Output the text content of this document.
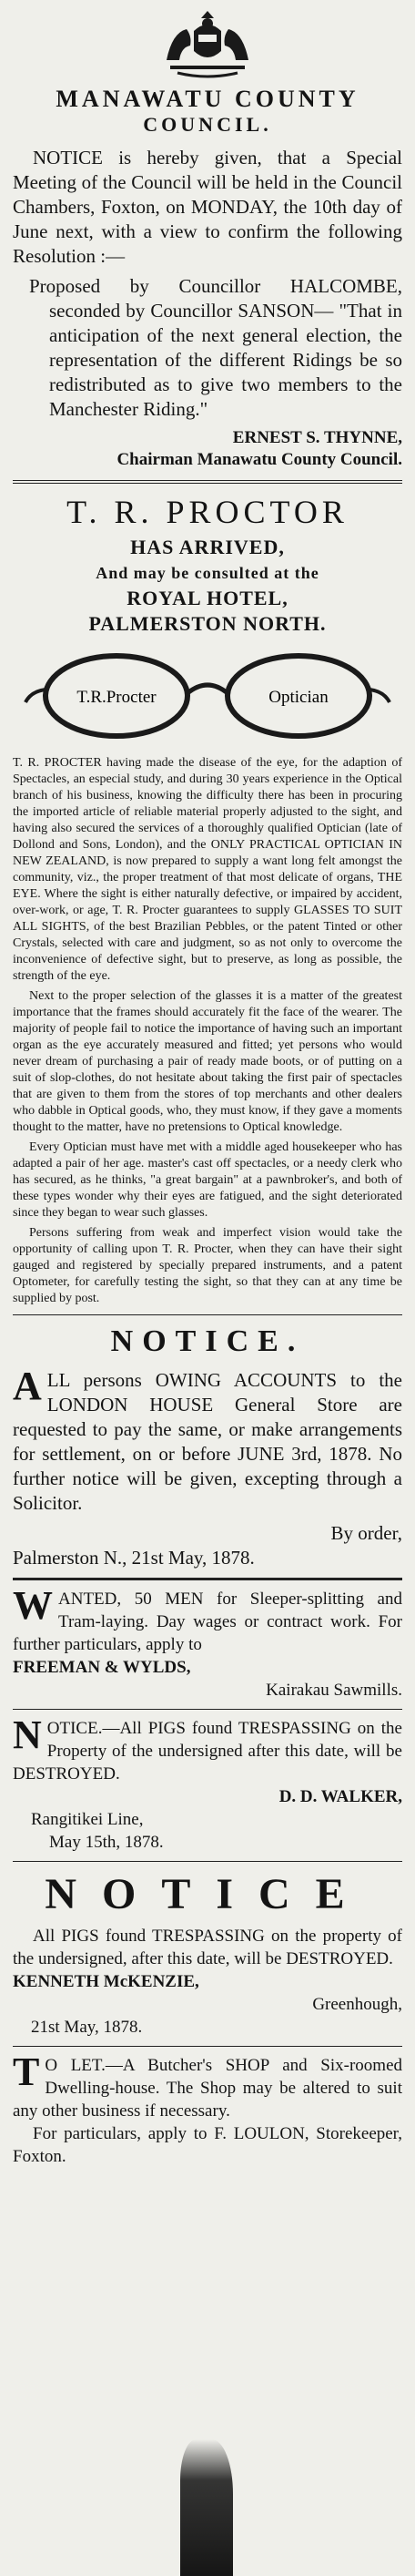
MANAWATU COUNTY
COUNCIL.

NOTICE is hereby given, that a Special Meeting of the Council will be held in the Council Chambers, Foxton, on MONDAY, the 10th day of June next, with a view to confirm the following Resolution :—

Proposed by Councillor HALCOMBE, seconded by Councillor SANSON— "That in anticipation of the next general election, the representation of the different Ridings be so redistributed as to give two members to the Manchester Riding."

ERNEST S. THYNNE,
Chairman Manawatu County Council.
T. R. PROCTOR
HAS ARRIVED,
And may be consulted at the
ROYAL HOTEL,
PALMERSTON NORTH.
T.R.Procter	Optician

T. R. PROCTER having made the disease of the eye, for the adaption of Spectacles, an especial study, and during 30 years experience in the Optical branch of his business, knowing the difficulty there has been in procuring the imported article of reliable material properly adjusted to the sight, and having also secured the services of a thoroughly qualified Optician (late of Dollond and Sons, London), and the ONLY PRACTICAL OPTICIAN IN NEW ZEALAND, is now prepared to supply a want long felt amongst the community, viz., the proper treatment of that most delicate of organs, THE EYE. Where the sight is either naturally defective, or impaired by accident, over-work, or age, T. R. Procter guarantees to supply GLASSES TO SUIT ALL SIGHTS, of the best Brazilian Pebbles, or the patent Tinted or other Crystals, selected with care and judgment, so as not only to overcome the inconvenience of defective sight, but to preserve, as long as possible, the strength of the eye.

Next to the proper selection of the glasses it is a matter of the greatest importance that the frames should accurately fit the face of the wearer. The majority of people fail to notice the importance of having such an important organ as the eye accurately measured and fitted; yet persons who would never dream of purchasing a pair of ready made boots, or of putting on a suit of slop-clothes, do not hesitate about taking the first pair of spectacles that are given to them from the stores of top merchants and other dealers who dabble in Optical goods, who, they must know, if they gave a moments thought to the matter, have no pretensions to Optical knowledge.

Every Optician must have met with a middle aged housekeeper who has adapted a pair of her age. master's cast off spectacles, or a needy clerk who has secured, as he thinks, "a great bargain" at a pawnbroker's, and both of these types wonder why their eyes are fatigued, and the sight deteriorated since they began to wear such glasses.

Persons suffering from weak and imperfect vision would take the opportunity of calling upon T. R. Procter, when they can have their sight gauged and registered by specially prepared instruments, and a patent Optometer, for carefully testing the sight, so that they can at any time be supplied by post.

NOTICE.

ALL persons OWING ACCOUNTS to the LONDON HOUSE General Store are requested to pay the same, or make arrangements for settlement, on or before JUNE 3rd, 1878. No further notice will be given, excepting through a Solicitor.

By order,
Palmerston N., 21st May, 1878.

WANTED, 50 MEN for Sleeper-splitting and Tram-laying. Day wages or contract work. For further particulars, apply to

FREEMAN & WYLDS,
Kairakau Sawmills.

NOTICE.—All PIGS found TRESPASSING on the Property of the undersigned after this date, will be DESTROYED.

D. D. WALKER,
Rangitikei Line,
May 15th, 1878.
NOTICE

All PIGS found TRESPASSING on the property of the undersigned, after this date, will be DESTROYED.

KENNETH McKENZIE,
Greenhough,
21st May, 1878.

T O LET.—A Butcher's SHOP and Six-roomed Dwelling-house. The Shop may be altered to suit any other business if necessary.

For particulars, apply to F. LOULON, Storekeeper, Foxton.
